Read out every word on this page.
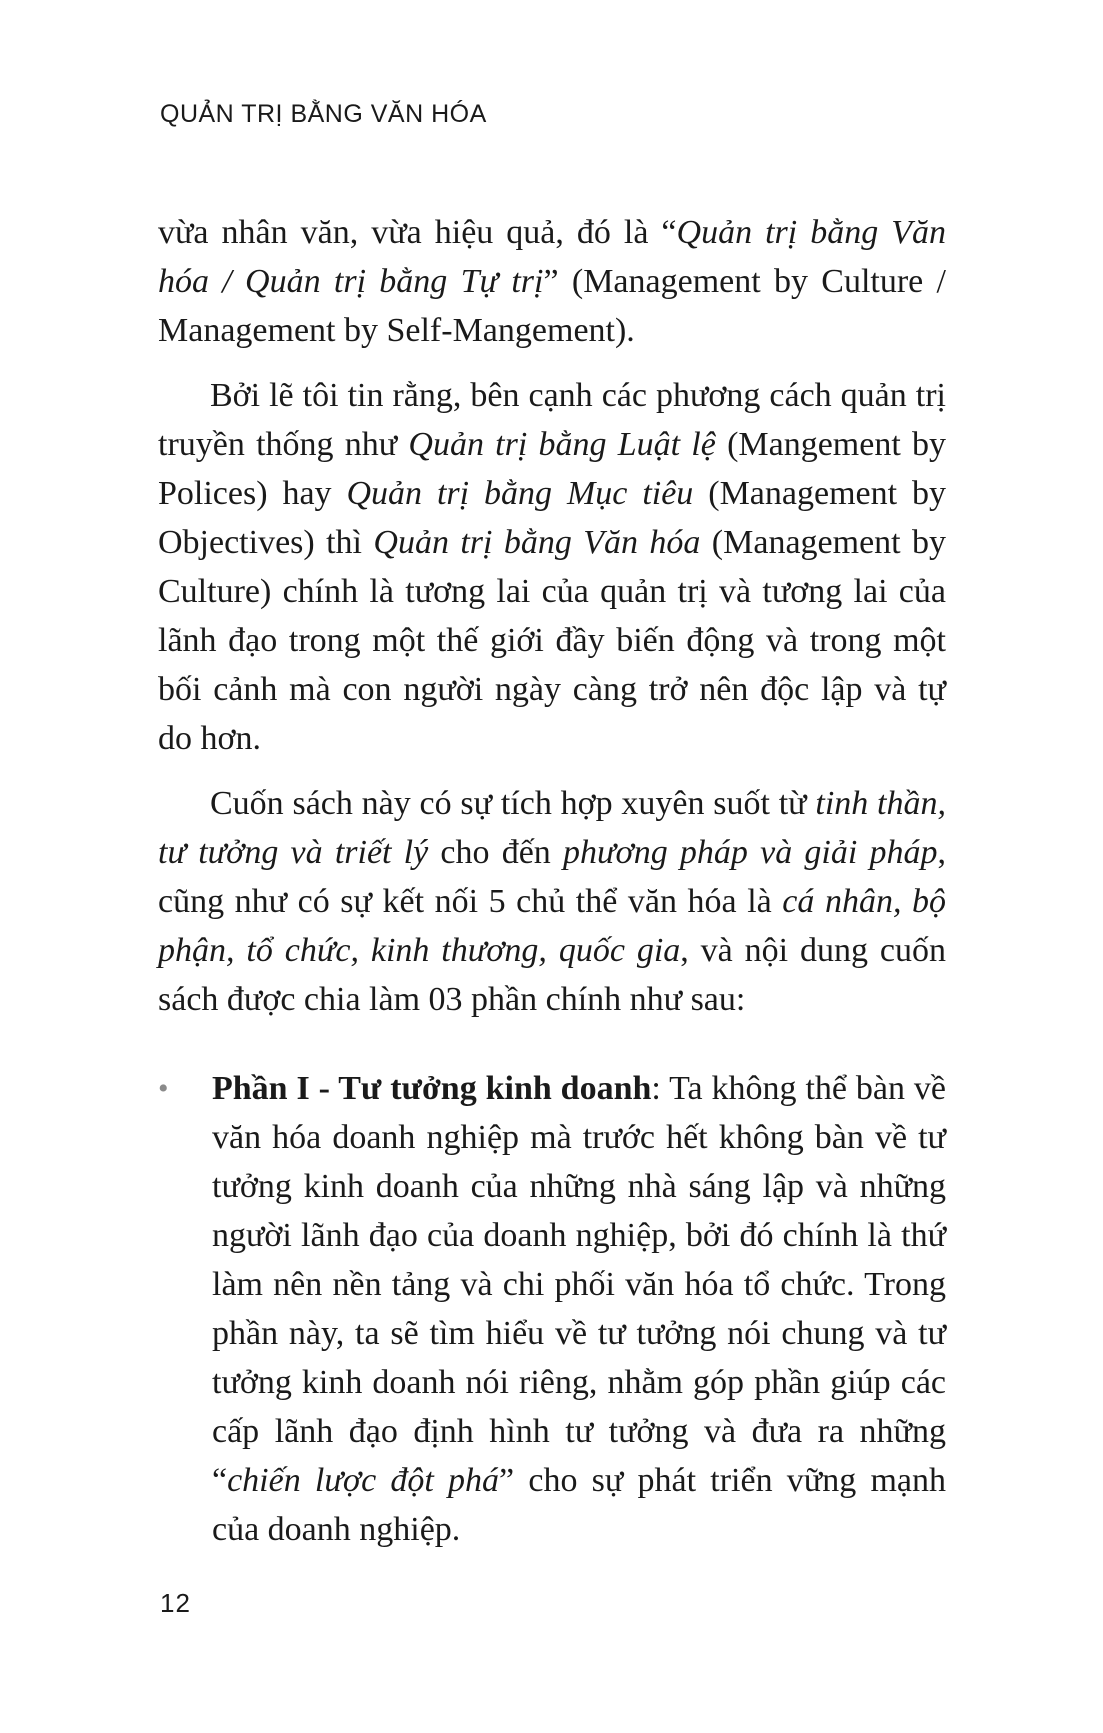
QUẢN TRỊ BẰNG VĂN HÓA

vừa nhân văn, vừa hiệu quả, đó là “Quản trị bằng Văn hóa / Quản trị bằng Tự trị” (Management by Culture / Management by Self-Mangement).

Bởi lẽ tôi tin rằng, bên cạnh các phương cách quản trị truyền thống như Quản trị bằng Luật lệ (Mangement by Polices) hay Quản trị bằng Mục tiêu (Management by Objectives) thì Quản trị bằng Văn hóa (Management by Culture) chính là tương lai của quản trị và tương lai của lãnh đạo trong một thế giới đầy biến động và trong một bối cảnh mà con người ngày càng trở nên độc lập và tự do hơn.

Cuốn sách này có sự tích hợp xuyên suốt từ tinh thần, tư tưởng và triết lý cho đến phương pháp và giải pháp, cũng như có sự kết nối 5 chủ thể văn hóa là cá nhân, bộ phận, tổ chức, kinh thương, quốc gia, và nội dung cuốn sách được chia làm 03 phần chính như sau:

• Phần I - Tư tưởng kinh doanh: Ta không thể bàn về văn hóa doanh nghiệp mà trước hết không bàn về tư tưởng kinh doanh của những nhà sáng lập và những người lãnh đạo của doanh nghiệp, bởi đó chính là thứ làm nên nền tảng và chi phối văn hóa tổ chức. Trong phần này, ta sẽ tìm hiểu về tư tưởng nói chung và tư tưởng kinh doanh nói riêng, nhằm góp phần giúp các cấp lãnh đạo định hình tư tưởng và đưa ra những “chiến lược đột phá” cho sự phát triển vững mạnh của doanh nghiệp.
12
